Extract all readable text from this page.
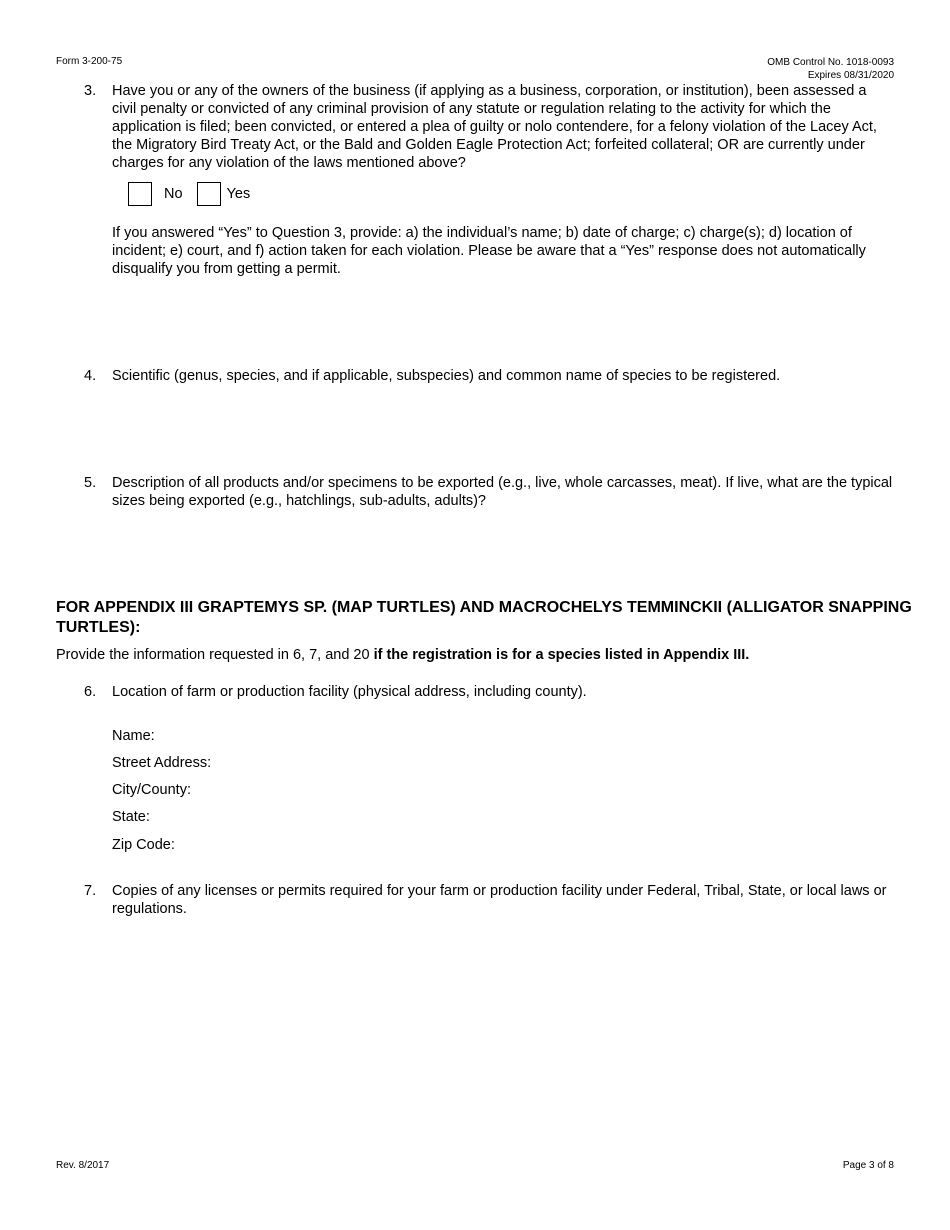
Form 3-200-75	OMB Control No. 1018-0093
Expires 08/31/2020
3. Have you or any of the owners of the business (if applying as a business, corporation, or institution), been assessed a civil penalty or convicted of any criminal provision of any statute or regulation relating to the activity for which the application is filed; been convicted, or entered a plea of guilty or nolo contendere, for a felony violation of the Lacey Act, the Migratory Bird Treaty Act, or the Bald and Golden Eagle Protection Act; forfeited collateral; OR are currently under charges for any violation of the laws mentioned above?
No	Yes
If you answered “Yes” to Question 3, provide: a) the individual’s name; b) date of charge; c) charge(s); d) location of incident; e) court, and f) action taken for each violation. Please be aware that a “Yes” response does not automatically disqualify you from getting a permit.
4. Scientific (genus, species, and if applicable, subspecies) and common name of species to be registered.
5. Description of all products and/or specimens to be exported (e.g., live, whole carcasses, meat). If live, what are the typical sizes being exported (e.g., hatchlings, sub-adults, adults)?
FOR APPENDIX III GRAPTEMYS SP. (MAP TURTLES) AND MACROCHELYS TEMMINCKII (ALLIGATOR SNAPPING TURTLES):
Provide the information requested in 6, 7, and 20 if the registration is for a species listed in Appendix III.
6. Location of farm or production facility (physical address, including county).
Name:
Street Address:
City/County:
State:
Zip Code:
7. Copies of any licenses or permits required for your farm or production facility under Federal, Tribal, State, or local laws or regulations.
Rev. 8/2017	Page 3 of 8
